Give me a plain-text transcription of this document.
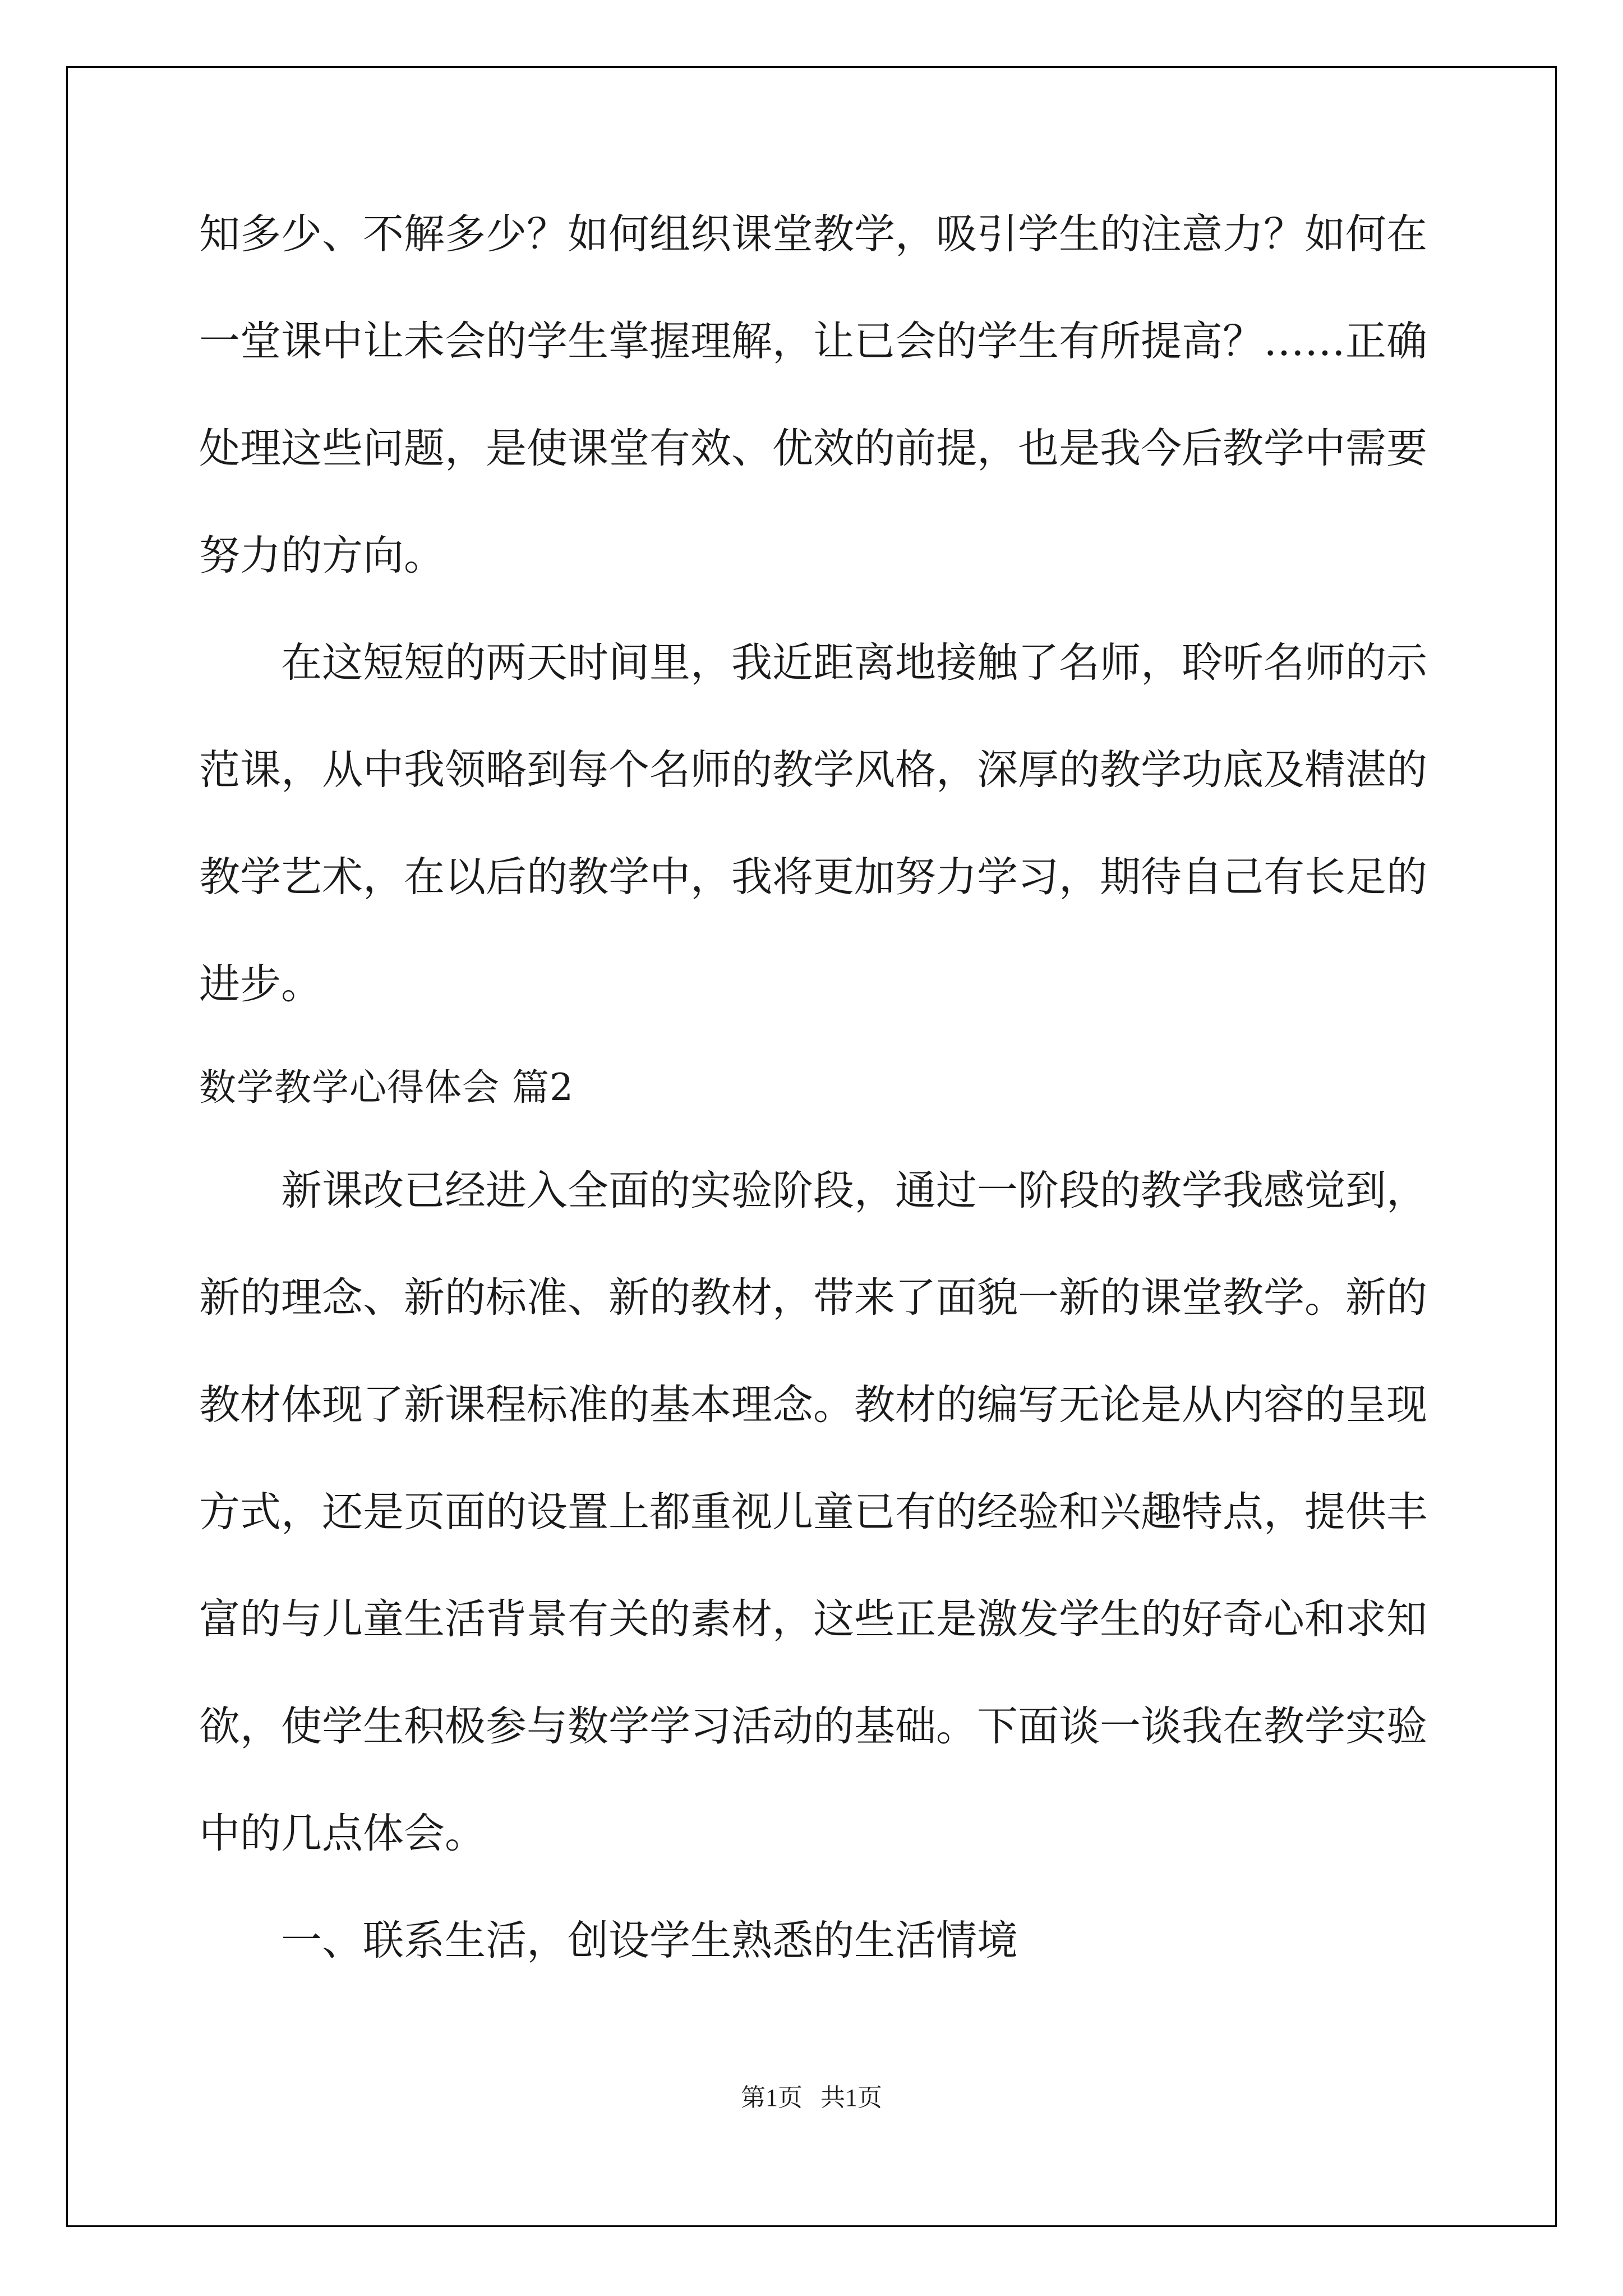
知多少、不解多少？如何组织课堂教学，吸引学生的注意力？如何在
一堂课中让未会的学生掌握理解，让已会的学生有所提高？……正确
处理这些问题，是使课堂有效、优效的前提，也是我今后教学中需要
努力的方向。
在这短短的两天时间里，我近距离地接触了名师，聆听名师的示
范课，从中我领略到每个名师的教学风格，深厚的教学功底及精湛的
教学艺术，在以后的教学中，我将更加努力学习，期待自己有长足的
进步。
数学教学心得体会 篇2
新课改已经进入全面的实验阶段，通过一阶段的教学我感觉到，
新的理念、新的标准、新的教材，带来了面貌一新的课堂教学。新的
教材体现了新课程标准的基本理念。教材的编写无论是从内容的呈现
方式，还是页面的设置上都重视儿童已有的经验和兴趣特点，提供丰
富的与儿童生活背景有关的素材，这些正是激发学生的好奇心和求知
欲，使学生积极参与数学学习活动的基础。下面谈一谈我在教学实验
中的几点体会。
一、联系生活，创设学生熟悉的生活情境
第1页 共1页
